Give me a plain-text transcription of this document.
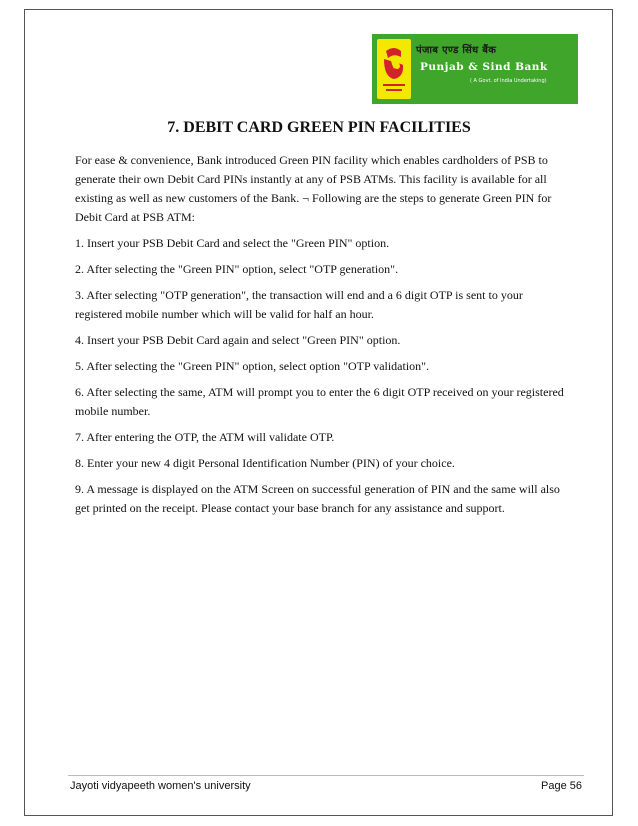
पंजाब एण्ड सिंध बैंक
Punjab & Sind Bank
( A Govt. of India Undertaking)
7. DEBIT CARD GREEN PIN FACILITIES

For ease & convenience, Bank introduced Green PIN facility which enables cardholders of PSB to generate their own Debit Card PINs instantly at any of PSB ATMs. This facility is available for all existing as well as new customers of the Bank. ¬ Following are the steps to generate Green PIN for Debit Card at PSB ATM:

1. Insert your PSB Debit Card and select the "Green PIN" option.

2. After selecting the "Green PIN" option, select "OTP generation".

3. After selecting "OTP generation", the transaction will end and a 6 digit OTP is sent to your registered mobile number which will be valid for half an hour.

4. Insert your PSB Debit Card again and select "Green PIN" option.

5. After selecting the "Green PIN" option, select option "OTP validation".

6. After selecting the same, ATM will prompt you to enter the 6 digit OTP received on your registered mobile number.

7. After entering the OTP, the ATM will validate OTP.

8. Enter your new 4 digit Personal Identification Number (PIN) of your choice.

9. A message is displayed on the ATM Screen on successful generation of PIN and the same will also get printed on the receipt. Please contact your base branch for any assistance and support.

Jayoti vidyapeeth women's university	Page 56
